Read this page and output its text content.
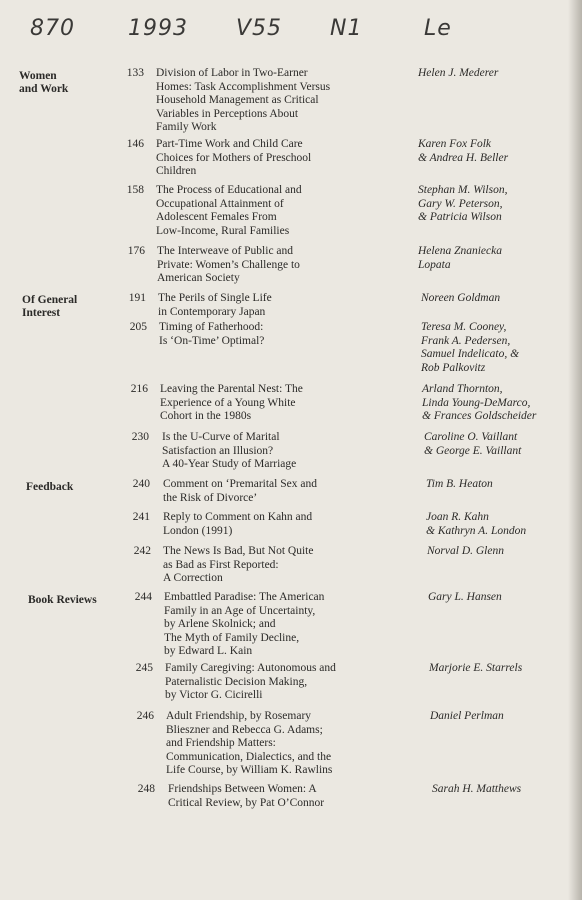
870 1993 V55 N1	Le
Women
and Work
Of General
Interest
Feedback
Book Reviews
133 Division of Labor in Two-Earner
Homes: Task Accomplishment Versus
Household Management as Critical
Variables in Perceptions About
Family Work
Helen J. Mederer
146 Part-Time Work and Child Care
Choices for Mothers of Preschool
Children
Karen Fox Folk
& Andrea H. Beller
158 The Process of Educational and
Occupational Attainment of
Adolescent Females From
Low-Income, Rural Families
Stephan M. Wilson,
Gary W. Peterson,
& Patricia Wilson
176 The Interweave of Public and
Private: Women’s Challenge to
American Society
Helena Znaniecka
Lopata
191 The Perils of Single Life
in Contemporary Japan
Noreen Goldman
205 Timing of Fatherhood:
Is ‘On-Time’ Optimal?
Teresa M. Cooney,
Frank A. Pedersen,
Samuel Indelicato, &
Rob Palkovitz
216 Leaving the Parental Nest: The
Experience of a Young White
Cohort in the 1980s
Arland Thornton,
Linda Young-DeMarco,
& Frances Goldscheider
230 Is the U-Curve of Marital
Satisfaction an Illusion?
A 40-Year Study of Marriage
Caroline O. Vaillant
& George E. Vaillant
240 Comment on ‘Premarital Sex and
the Risk of Divorce’
Tim B. Heaton
241 Reply to Comment on Kahn and
London (1991)
Joan R. Kahn
& Kathryn A. London
242 The News Is Bad, But Not Quite
as Bad as First Reported:
A Correction
Norval D. Glenn
244 Embattled Paradise: The American
Family in an Age of Uncertainty,
by Arlene Skolnick; and
The Myth of Family Decline,
by Edward L. Kain
Gary L. Hansen
245 Family Caregiving: Autonomous and
Paternalistic Decision Making,
by Victor G. Cicirelli
Marjorie E. Starrels
246 Adult Friendship, by Rosemary
Blieszner and Rebecca G. Adams;
and Friendship Matters:
Communication, Dialectics, and the
Life Course, by William K. Rawlins
Daniel Perlman
248 Friendships Between Women: A
Critical Review, by Pat O’Connor
Sarah H. Matthews
